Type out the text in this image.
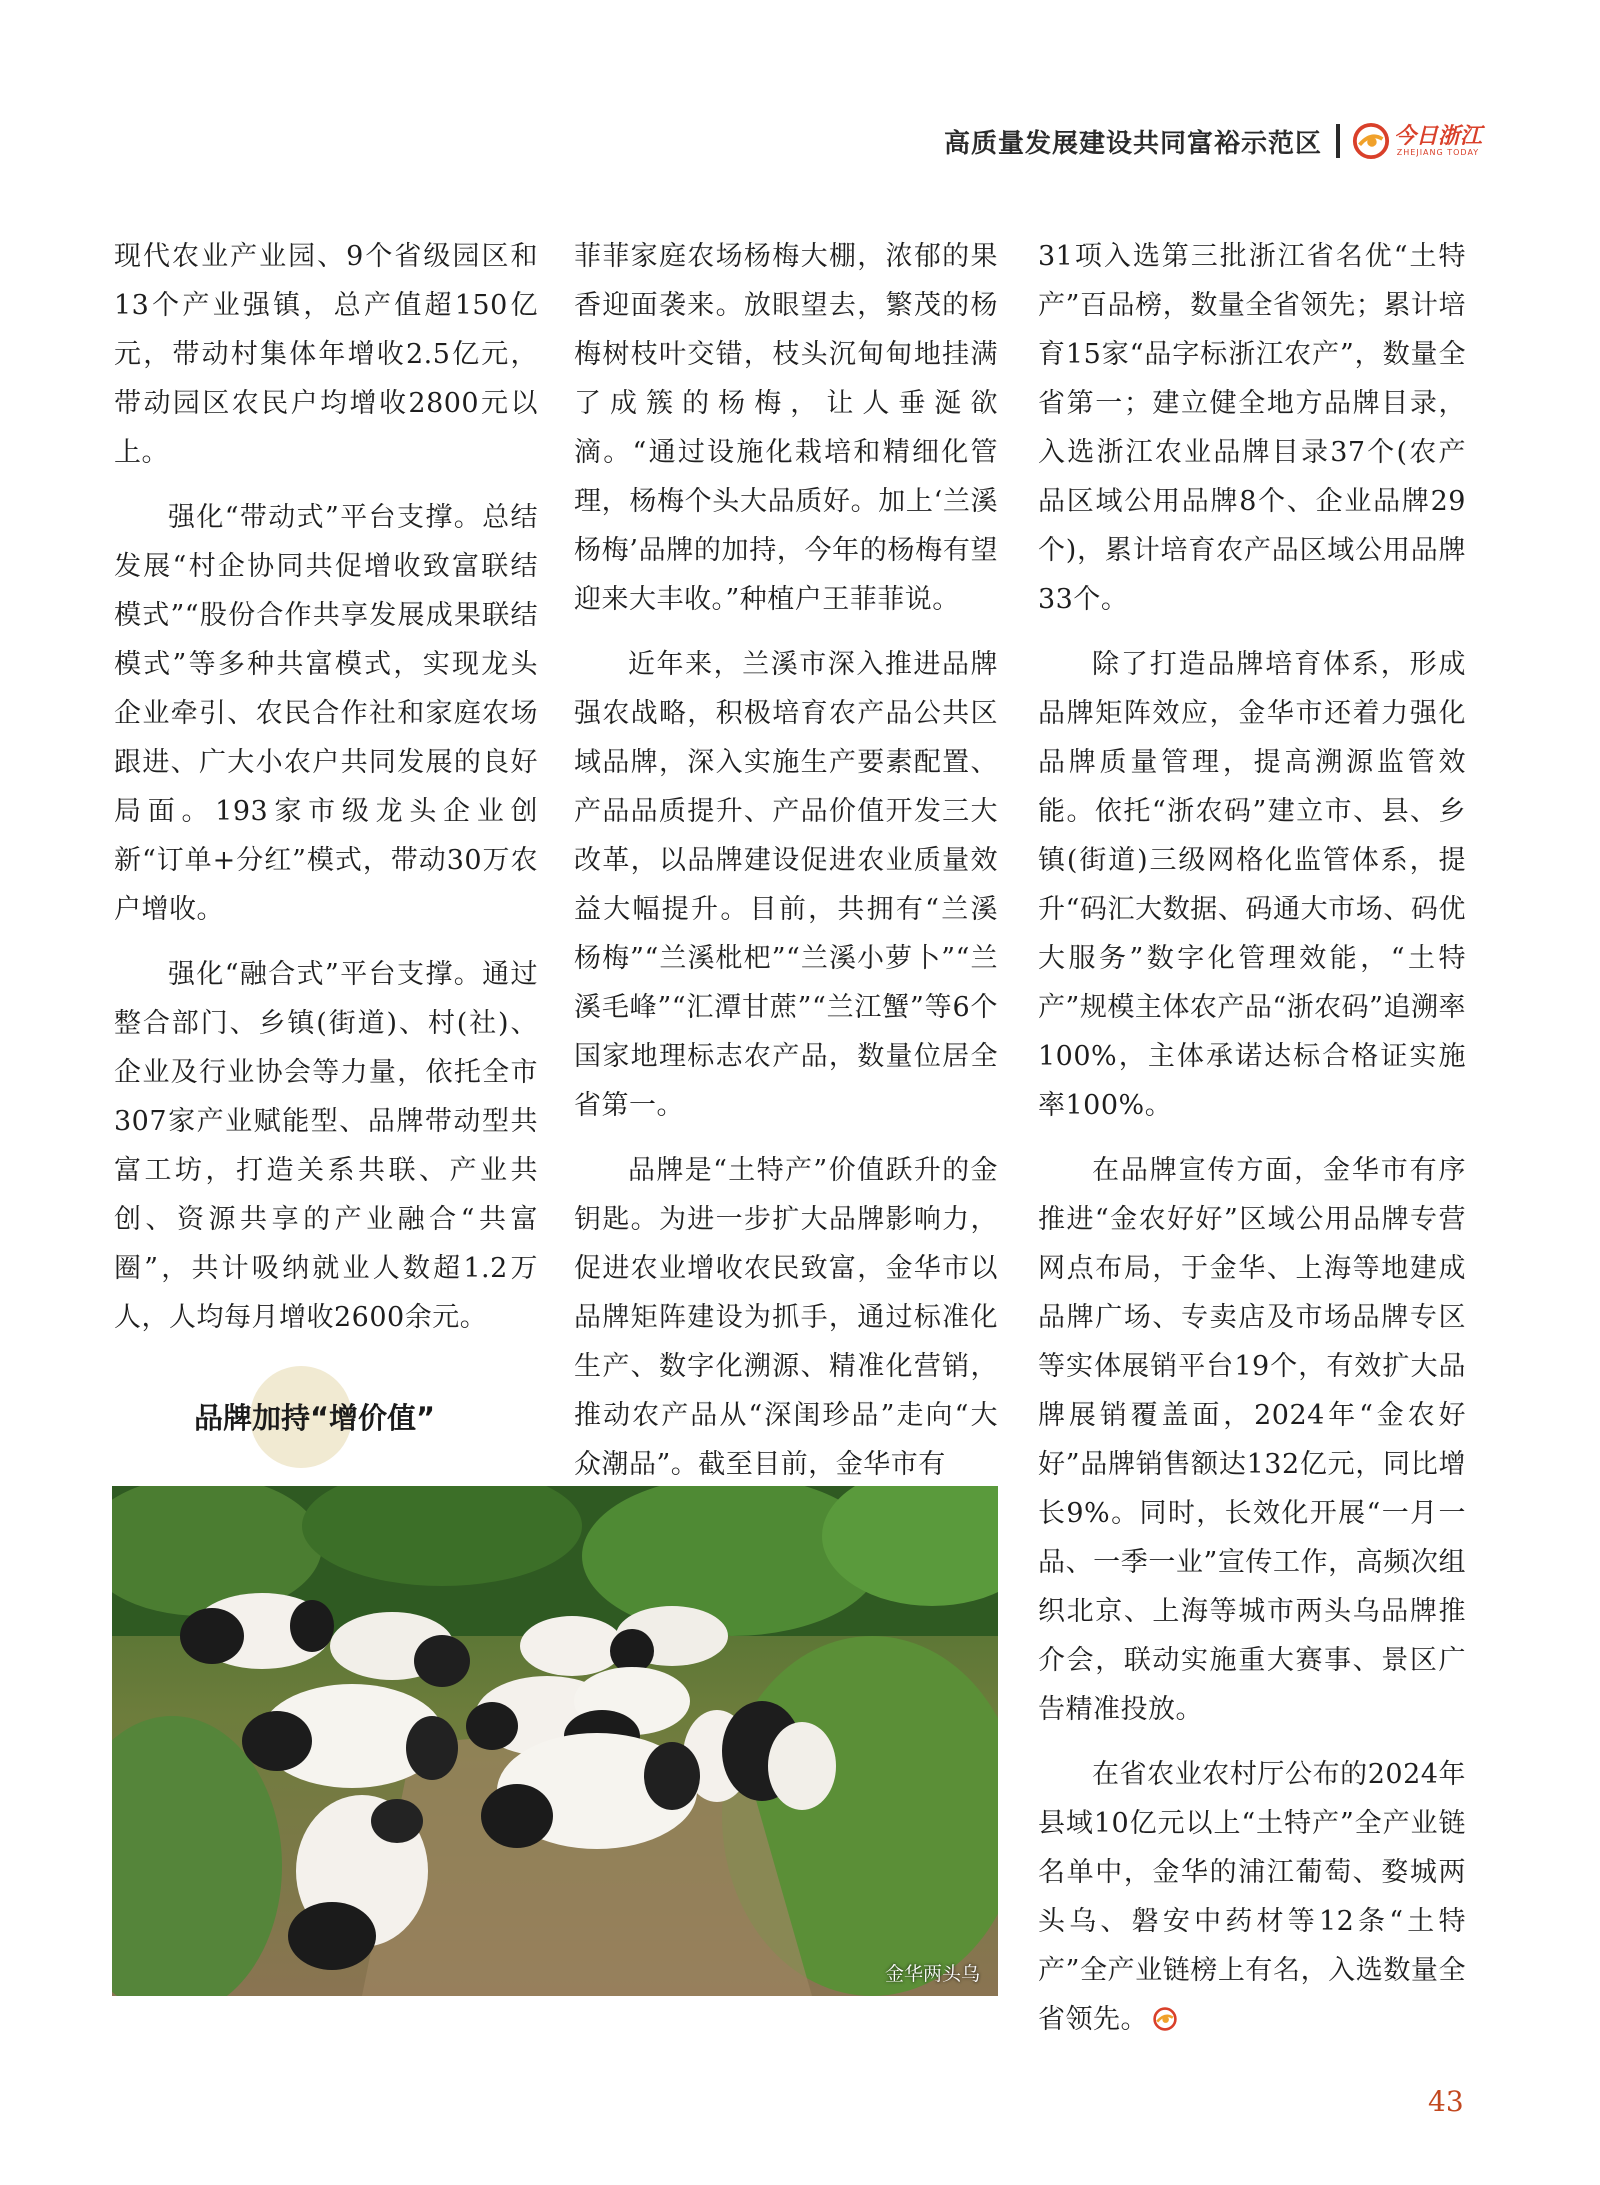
高质量发展建设共同富裕示范区	今日浙江
ZHEJIANG TODAY

现代农业产业园、9个省级园区和13个产业强镇，总产值超150亿元，带动村集体年增收2.5亿元，带动园区农民户均增收2800元以上。

强化“带动式”平台支撑。总结发展“村企协同共促增收致富联结模式”“股份合作共享发展成果联结模式”等多种共富模式，实现龙头企业牵引、农民合作社和家庭农场跟进、广大小农户共同发展的良好局面。193家市级龙头企业创新“订单+分红”模式，带动30万农户增收。

强化“融合式”平台支撑。通过整合部门、乡镇(街道)、村(社)、企业及行业协会等力量，依托全市307家产业赋能型、品牌带动型共富工坊，打造关系共联、产业共创、资源共享的产业融合“共富圈”，共计吸纳就业人数超1.2万人，人均每月增收2600余元。

品牌加持“增价值”

菲菲家庭农场杨梅大棚，浓郁的果香迎面袭来。放眼望去，繁茂的杨梅树枝叶交错，枝头沉甸甸地挂满了成簇的杨梅，让人垂涎欲滴。“通过设施化栽培和精细化管理，杨梅个头大品质好。加上‘兰溪杨梅’品牌的加持，今年的杨梅有望迎来大丰收。”种植户王菲菲说。

近年来，兰溪市深入推进品牌强农战略，积极培育农产品公共区域品牌，深入实施生产要素配置、产品品质提升、产品价值开发三大改革，以品牌建设促进农业质量效益大幅提升。目前，共拥有“兰溪杨梅”“兰溪枇杷”“兰溪小萝卜”“兰溪毛峰”“汇潭甘蔗”“兰江蟹”等6个国家地理标志农产品，数量位居全省第一。

品牌是“土特产”价值跃升的金钥匙。为进一步扩大品牌影响力，促进农业增收农民致富，金华市以品牌矩阵建设为抓手，通过标准化生产、数字化溯源、精准化营销，推动农产品从“深闺珍品”走向“大众潮品”。截至目前，金华市有

31项入选第三批浙江省名优“土特产”百品榜，数量全省领先；累计培育15家“品字标浙江农产”，数量全省第一；建立健全地方品牌目录，入选浙江农业品牌目录37个(农产品区域公用品牌8个、企业品牌29个)，累计培育农产品区域公用品牌33个。

除了打造品牌培育体系，形成品牌矩阵效应，金华市还着力强化品牌质量管理，提高溯源监管效能。依托“浙农码”建立市、县、乡镇(街道)三级网格化监管体系，提升“码汇大数据、码通大市场、码优大服务”数字化管理效能，“土特产”规模主体农产品“浙农码”追溯率100%，主体承诺达标合格证实施率100%。

在品牌宣传方面，金华市有序推进“金农好好”区域公用品牌专营网点布局，于金华、上海等地建成品牌广场、专卖店及市场品牌专区等实体展销平台19个，有效扩大品牌展销覆盖面，2024年“金农好好”品牌销售额达132亿元，同比增长9%。同时，长效化开展“一月一品、一季一业”宣传工作，高频次组织北京、上海等城市两头乌品牌推介会，联动实施重大赛事、景区广告精准投放。

在省农业农村厅公布的2024年县域10亿元以上“土特产”全产业链名单中，金华的浦江葡萄、婺城两头乌、磐安中药材等12条“土特产”全产业链榜上有名，入选数量全省领先。

金华两头乌
43
